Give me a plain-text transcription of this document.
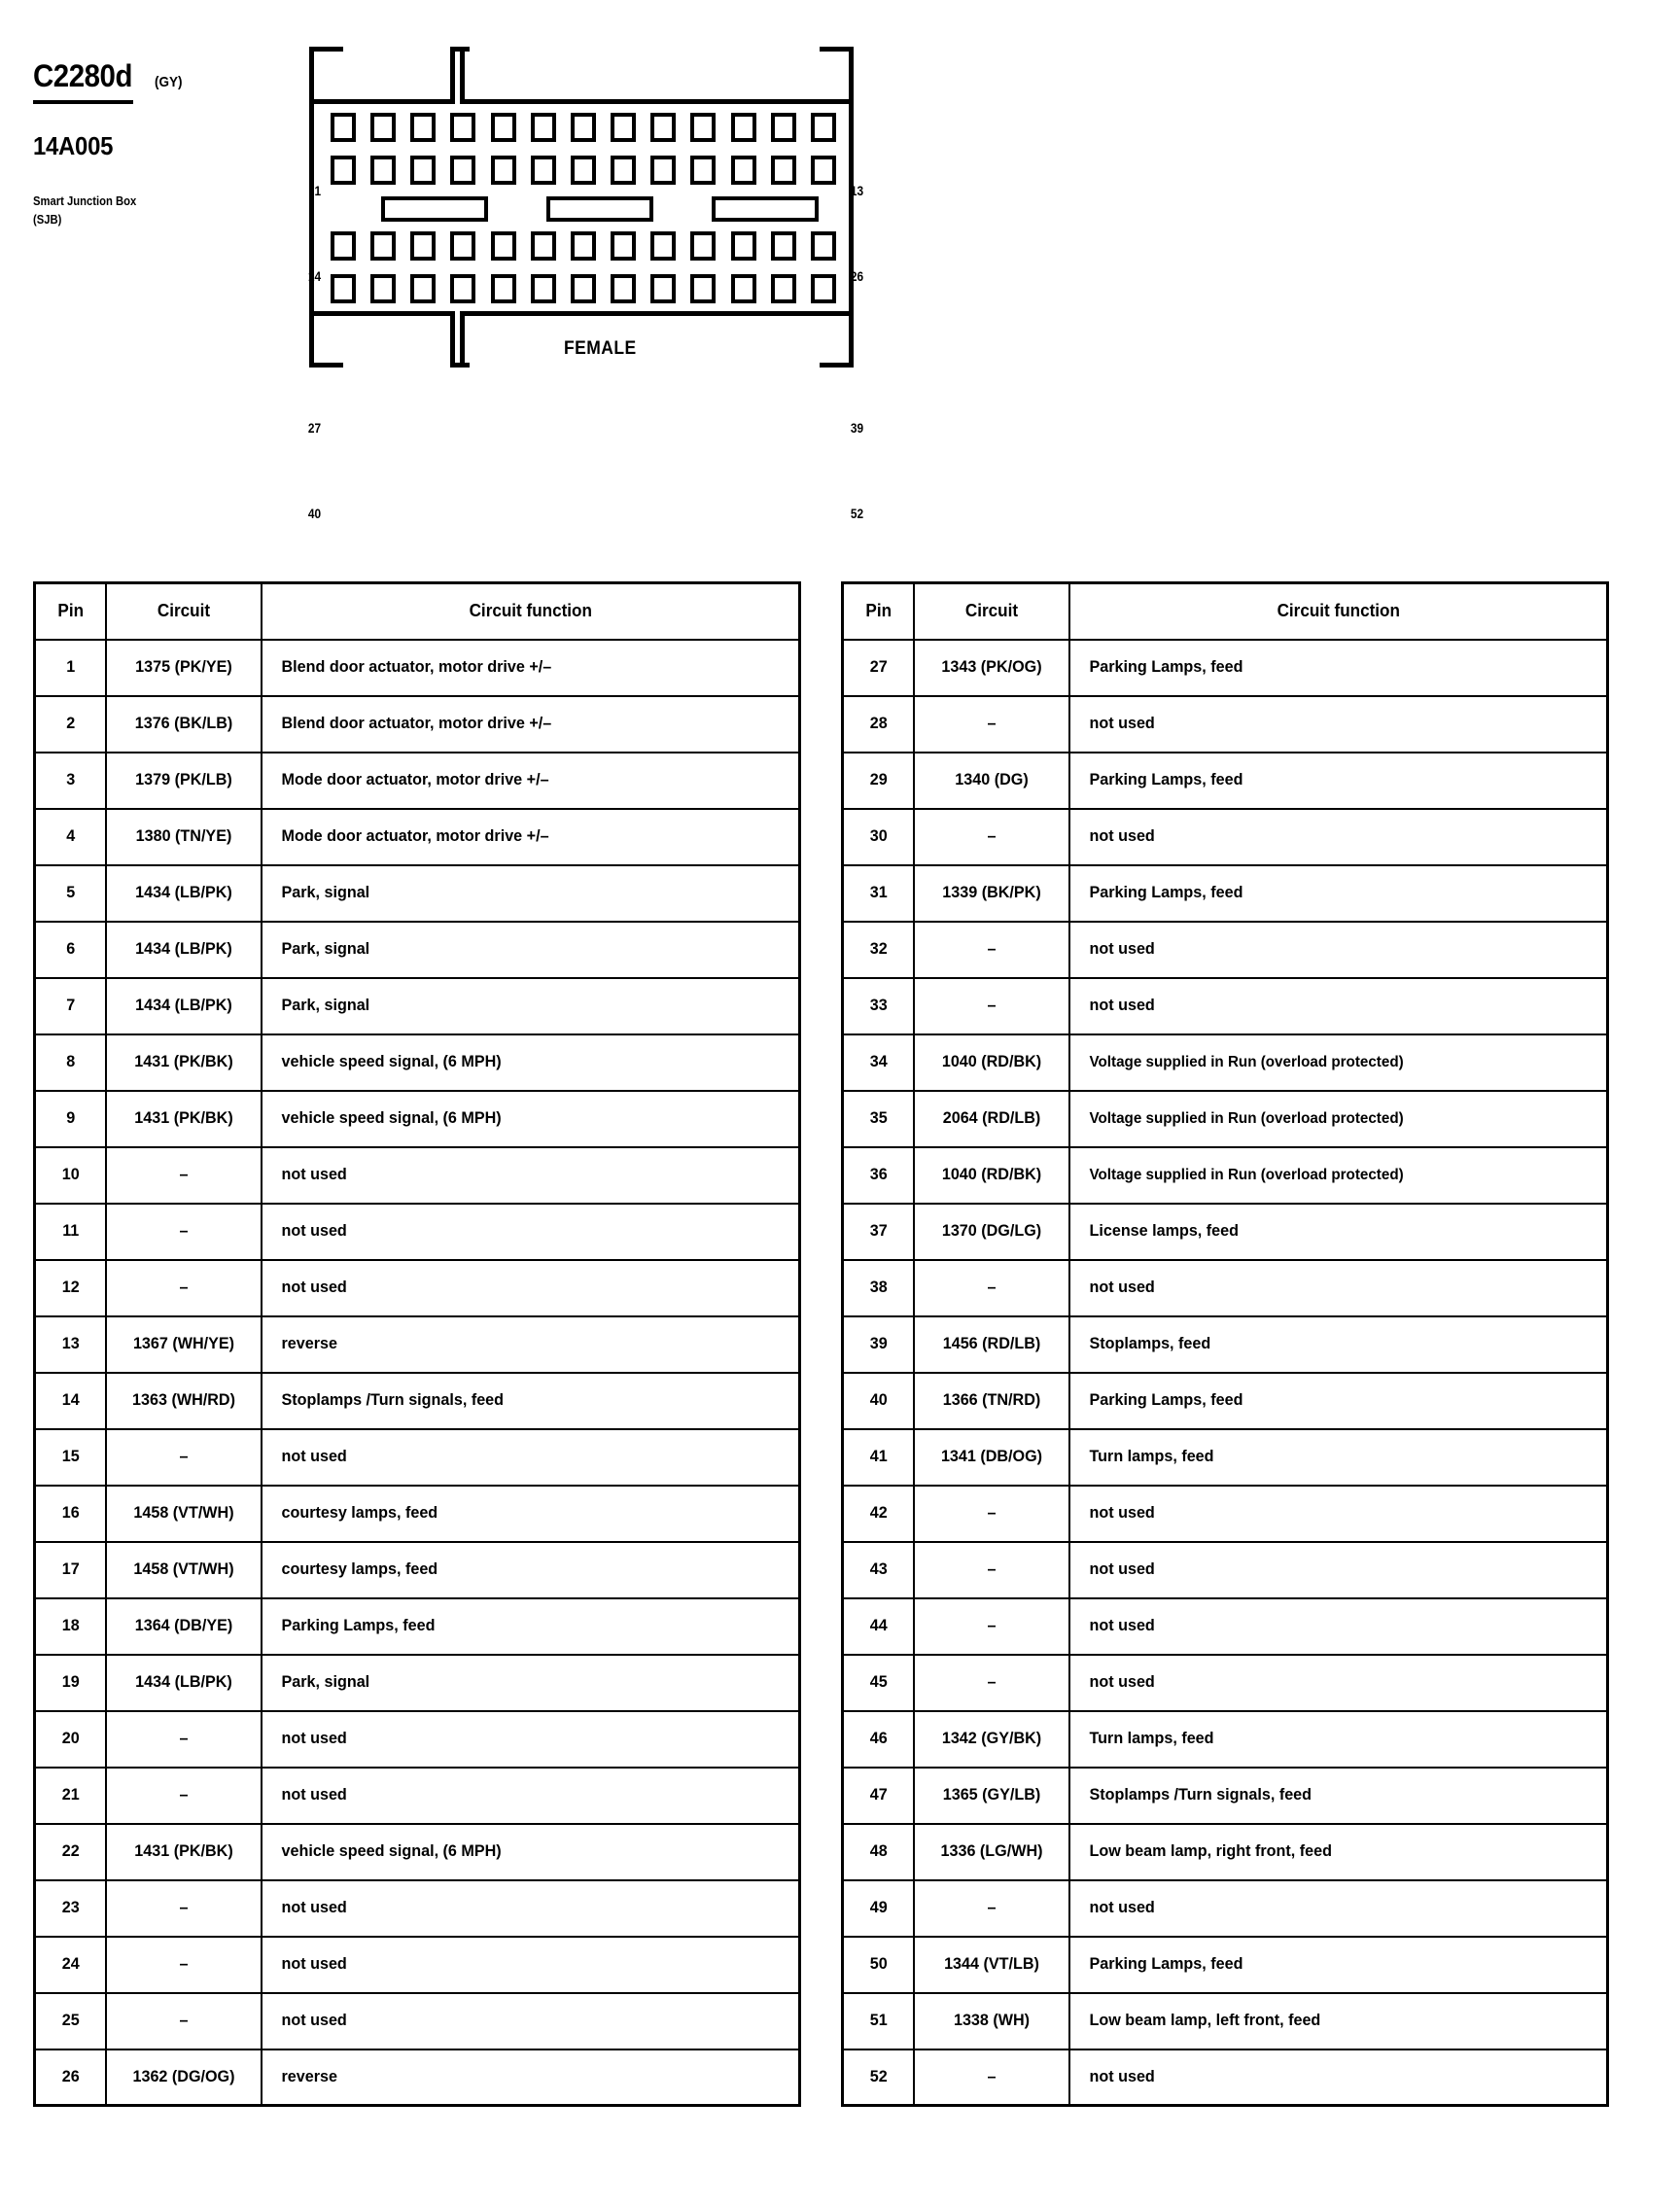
C2280d (GY)
14A005
Smart Junction Box
(SJB)
1	13
14	26
27	39
40	52
FEMALE
Pin	Circuit	Circuit function
1	1375 (PK/YE)	Blend door actuator, motor drive +/–
2	1376 (BK/LB)	Blend door actuator, motor drive +/–
3	1379 (PK/LB)	Mode door actuator, motor drive +/–
4	1380 (TN/YE)	Mode door actuator, motor drive +/–
5	1434 (LB/PK)	Park, signal
6	1434 (LB/PK)	Park, signal
7	1434 (LB/PK)	Park, signal
8	1431 (PK/BK)	vehicle speed signal, (6 MPH)
9	1431 (PK/BK)	vehicle speed signal, (6 MPH)
10	–	not used
11	–	not used
12	–	not used
13	1367 (WH/YE)	reverse
14	1363 (WH/RD)	Stoplamps /Turn signals, feed
15	–	not used
16	1458 (VT/WH)	courtesy lamps, feed
17	1458 (VT/WH)	courtesy lamps, feed
18	1364 (DB/YE)	Parking Lamps, feed
19	1434 (LB/PK)	Park, signal
20	–	not used
21	–	not used
22	1431 (PK/BK)	vehicle speed signal, (6 MPH)
23	–	not used
24	–	not used
25	–	not used
26	1362 (DG/OG)	reverse
Pin	Circuit	Circuit function
27	1343 (PK/OG)	Parking Lamps, feed
28	–	not used
29	1340 (DG)	Parking Lamps, feed
30	–	not used
31	1339 (BK/PK)	Parking Lamps, feed
32	–	not used
33	–	not used
34	1040 (RD/BK)	Voltage supplied in Run (overload protected)
35	2064 (RD/LB)	Voltage supplied in Run (overload protected)
36	1040 (RD/BK)	Voltage supplied in Run (overload protected)
37	1370 (DG/LG)	License lamps, feed
38	–	not used
39	1456 (RD/LB)	Stoplamps, feed
40	1366 (TN/RD)	Parking Lamps, feed
41	1341 (DB/OG)	Turn lamps, feed
42	–	not used
43	–	not used
44	–	not used
45	–	not used
46	1342 (GY/BK)	Turn lamps, feed
47	1365 (GY/LB)	Stoplamps /Turn signals, feed
48	1336 (LG/WH)	Low beam lamp, right front, feed
49	–	not used
50	1344 (VT/LB)	Parking Lamps, feed
51	1338 (WH)	Low beam lamp, left front, feed
52	–	not used
